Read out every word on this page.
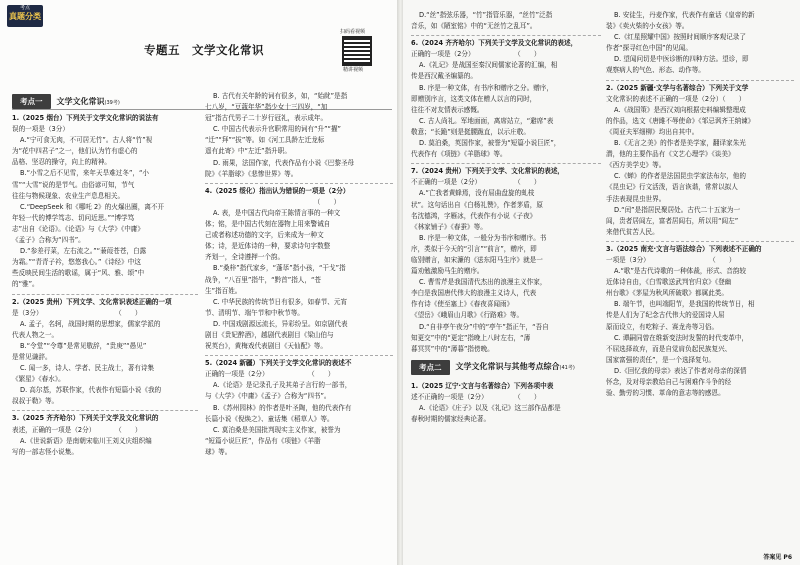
考点
真题分类
专题五　文学文化常识
扫码看视频
精讲视频
考点一	文学文化常识(39考)
1.（2025 烟台）下列关于文学文化常识的说法有
误的一项是（3分）
A.“宁可食无肉，不可居无竹”。古人将“竹”视
为“花中四君子”之一，他们认为竹有虚心的
品格、坚忍的操守，向上的精神。
B.“小雪之后不见雪，来年天旱难过冬”，“小
雪”“大雪”说的是节气。由俗谚可知，节气
往往与物候现象、农业生产息息相关。
C.“DeepSeek 和《哪吒 2》的火爆出圈，离不开
年轻一代的博学笃志、切问近思。”“博学笃
志”出自《论语》。《论语》与《大学》《中庸》
《孟子》合称为“四书”。
D.“参差荇菜，左右流之。”“蒹葭苍苍，白露
为霜。”“青青子衿，悠悠我心。”《诗经》中这
些反映民间生活的歌谣，属于“风、雅、颂”中
的“雅”。
2.（2025 贵州）下列文学、文化常识表述正确的一项
是（3分）　　　　　　　　　　　　（　　）
A. 孟子，名轲，战国时期的思想家，儒家学派的
代表人物之一。
B.“令堂”“令尊”是常见敬辞，“贵庚”“愚见”
是常见谦辞。
C. 闻一多，诗人、学者、民主战士，著有诗集
《繁星》《春水》。
D. 高尔基，苏联作家，代表作有短篇小说《我的
叔叔于勒》等。
3.（2025 齐齐哈尔）下列关于文学及文化常识的
表述，正确的一项是（2分）　　　　（　　）
A.《世说新语》是南朝宋临川王刘义庆组织编
写的一部志怪小说集。
B. 古代有关年龄的词有很多，如，“始龀”是指
七八岁，“豆蔻年华”指少女十三四岁，“加
冠”指古代男子二十岁行冠礼，表示成年。
C. 中国古代表示升官职常用的词有“升”“擢”
“迁”“拜”“拔”等。如《河工具龄左迁龙标
遥有此寄》中“左迁”指升职。
D. 雨果，法国作家，代表作品有小说《巴黎圣母
院》《羊脂球》《悲惨世界》等。
4.（2025 绥化）指出认为错误的一项是（2分）
　　　　　　　　　　　　　　　　　（　　）
A. 表，是中国古代向帝王陈情言事的一种文
体；铭，是中国古代刻在器物上用来警诫自
己或者称述功德的文字，后来成为一种文
体；诗，是近体诗的一种，要求诗句字数整
齐划一，全诗遵押一个韵。
B.“桑梓”指代家乡，“蓬荜”指小孩，“干戈”指
战争，“八百里”指牛，“黔首”指人，“苍
生”指百姓。
C. 中华民族的传统节日有很多，如春节、元宵
节、清明节、端午节和中秋节等。
D. 中国戏剧源远流长，异彩纷呈。如京剧代表
剧目《贵妃醉酒》，越剧代表剧目《梁山伯与
祝英台》，黄梅戏代表剧目《天仙配》等。
5.（2024 新疆）下列关于文学文化常识的表述不
正确的一项是（2分）　　　　　　　（　　）
A.《论语》是记录孔子及其弟子言行的一部书，
与《大学》《中庸》《孟子》合称为“四书”。
B.《苏州园林》的作者是叶圣陶，他的代表作有
长篇小说《倪焕之》、童话集《稻草人》等。
C. 莫泊桑是美国批判现实主义作家，被誉为
“短篇小说巨匠”，作品有《项链》《羊脂
球》等。
D.“丝”指弦乐器，“竹”指管乐器，“丝竹”泛指
音乐，如《陋室铭》中的“无丝竹之乱耳”。
6.（2024 齐齐哈尔）下列关于文学及文化常识的表述，
正确的一项是（2分）　　　　　　　（　　）
A.《礼记》是战国至秦汉间儒家论著的汇编，相
传是西汉戴圣编纂的。
B. 序是一种文体，有书序和赠序之分。赠序，
即赠别序言，这类文体在赠人以言的同时，
往往不对友情表示感慨。
C. 古人尚礼。军地面面，离席站立，“避席”表
敬意；“长跪”则是挺腰跪直，以示庄敬。
D. 莫泊桑，英国作家，被誉为“短篇小说巨匠”，
代表作有《项链》《羊脂球》等。
7.（2024 贵州）下列关于文学、文化常识的表述，
不正确的一项是（2分）　　　　　　（　　）
A.“亡我者黄蜂焉，没有屈曲盘旋的虬枝
状”。这句话出自《白杨礼赞》，作者茅盾，原
名沈德鸿，字雁冰，代表作有小说《子夜》
《林家铺子》《春蚕》等。
B. 序是一种文体，一般分为书序和赠序。书
序，类似于今天的“引言”“前言”，赠序，即
临别赠言，如宋濂的《送东阳马生序》就是一
篇劝勉激励马生的赠序。
C. 曹雪芹是我国清代杰出的浪漫主义作家，
李白是我国唐代伟大的浪漫主义诗人，代表
作有诗《使至塞上》《春夜喜闻雨》
《望岳》《峨眉山月歌》《行路难》等。
D.“自非亭午夜分”中的“亭午”指正午，“吾自
知更交”中的“更定”指晚上八时左右，“薄
暮冥冥”中的“薄暮”指傍晚。
考点二	文学文化常识与其他考点综合(41考)
1.（2025 辽宁·文言与名著综合）下列各项中表
述不正确的一项是（2分）　　　　　（　　）
A.《论语》《庄子》以及《礼记》这三部作品都是
春秋时期的儒家经典论著。
B. 安徒生，丹麦作家，代表作有童话《皇帝的新
装》《卖火柴的小女孩》等。
C.《红星照耀中国》按照时间顺序客观记录了
作者“探寻红色中国”的见闻。
D. 望闻问切是中医诊断的四种方法。望诊，即
观察病人的气色、形态、动作等。
2.（2025 新疆·文学与名著综合）下列关于文学
文化常识的表述不正确的一项是（2分）（　　）
A.《战国策》是西汉刘向根据史料编辑整理成
的作品，选文《唐雎不辱使命》《邹忌讽齐王纳谏》
《周亚夫军细柳》均出自其中。
B.《无言之美》的作者是美学家，翻译家朱光
潜，他的主要作品有《文艺心理学》《谈美》
《西方美学史》等。
C.《蝉》的作者是法国昆虫学家法布尔，他的
《昆虫记》行文活泼，语言诙谐，常常以拟人
手法表现昆虫世界。
D.“闰”是指居民聚居处。古代二十五家为一
闾，贵者居闾左，富者居闾右，所以用“闾左”
来借代贫苦人民。
3.（2025 南充·文言与语法综合）下列表述不正确的
一项是（3分）　　　　　　　　　　（　　）
A.“歌”是古代诗歌的一种体裁，形式、音韵较
近体诗自由，《白雪歌送武判官归京》《登幽
州台歌》《茅屋为秋风所破歌》都属此类。
B. 端午节，也叫端阳节，是我国的传统节日，相
传是人们为了纪念古代伟大的爱国诗人屈
原而设立，有吃粽子、赛龙舟等习俗。
C. 谭嗣同曾在维新变法时发誓的时代变革中，
不屈选择故弃，而是自觉肩负起民族复兴、
国家富强的责任”，是一个选择复句。
D.《回忆我的母亲》表达了作者对母亲的深情
怀念，及对母亲教给自己与困难作斗争的经
验、勤劳的习惯、革命的意志等的感恩。
答案见 P6
